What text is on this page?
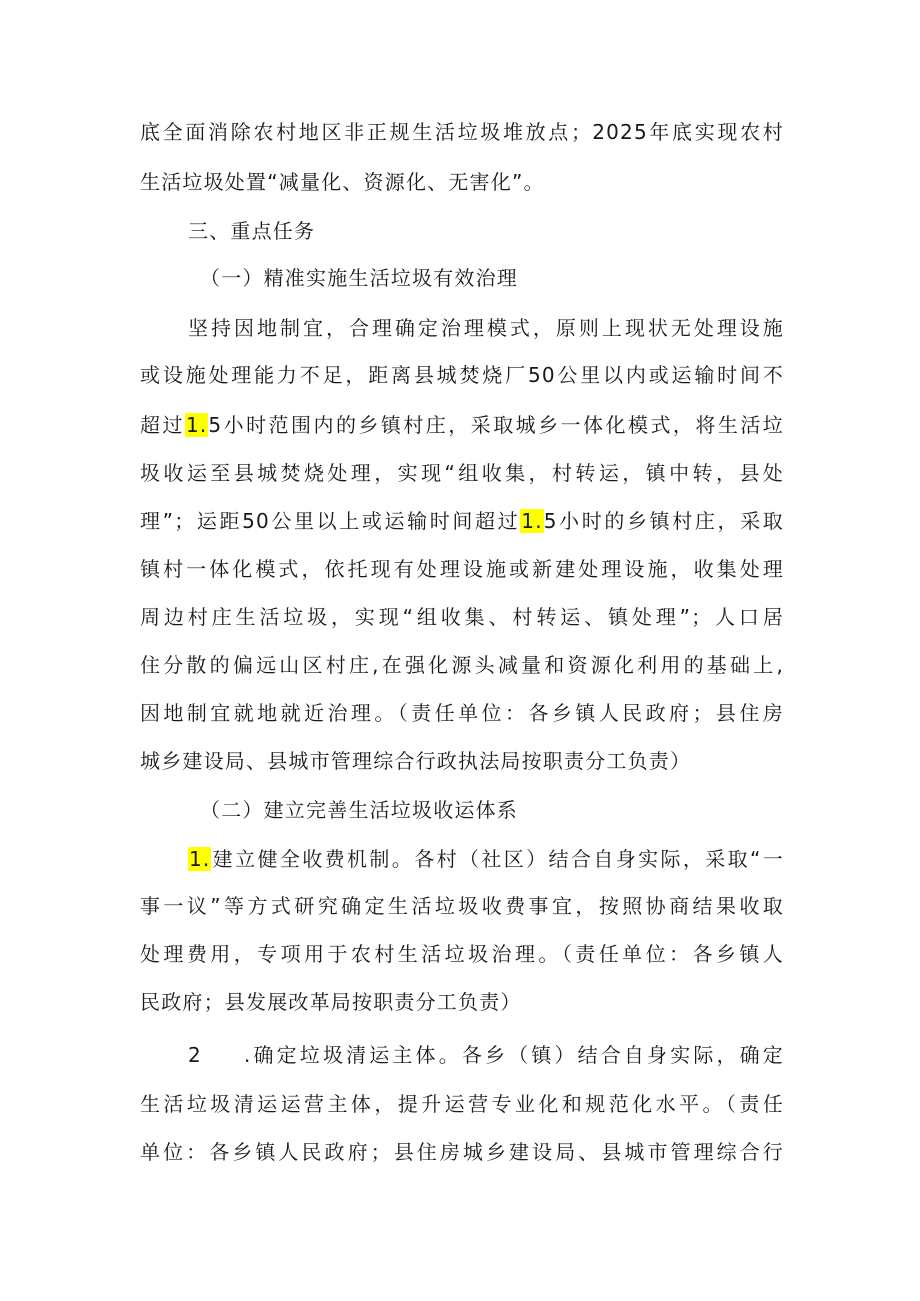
底全面消除农村地区非正规生活垃圾堆放点；2025年底实现农村
生活垃圾处置“减量化、资源化、无害化”。
三、重点任务
（一）精准实施生活垃圾有效治理
坚持因地制宜，合理确定治理模式，原则上现状无处理设施
或设施处理能力不足，距离县城焚烧厂50公里以内或运输时间不
超过1.5小时范围内的乡镇村庄，采取城乡一体化模式，将生活垃
圾收运至县城焚烧处理，实现“组收集，村转运，镇中转，县处
理”；运距50公里以上或运输时间超过1.5小时的乡镇村庄，采取
镇村一体化模式，依托现有处理设施或新建处理设施，收集处理
周边村庄生活垃圾，实现“组收集、村转运、镇处理”；人口居
住分散的偏远山区村庄,在强化源头减量和资源化利用的基础上,
因地制宜就地就近治理。（责任单位：各乡镇人民政府；县住房
城乡建设局、县城市管理综合行政执法局按职责分工负责）
（二）建立完善生活垃圾收运体系
1.建立健全收费机制。各村（社区）结合自身实际，采取“一
事一议”等方式研究确定生活垃圾收费事宜，按照协商结果收取
处理费用，专项用于农村生活垃圾治理。（责任单位：各乡镇人
民政府；县发展改革局按职责分工负责）
2	.确定垃圾清运主体。各乡（镇）结合自身实际，确定
生活垃圾清运运营主体，提升运营专业化和规范化水平。（责任
单位：各乡镇人民政府；县住房城乡建设局、县城市管理综合行
